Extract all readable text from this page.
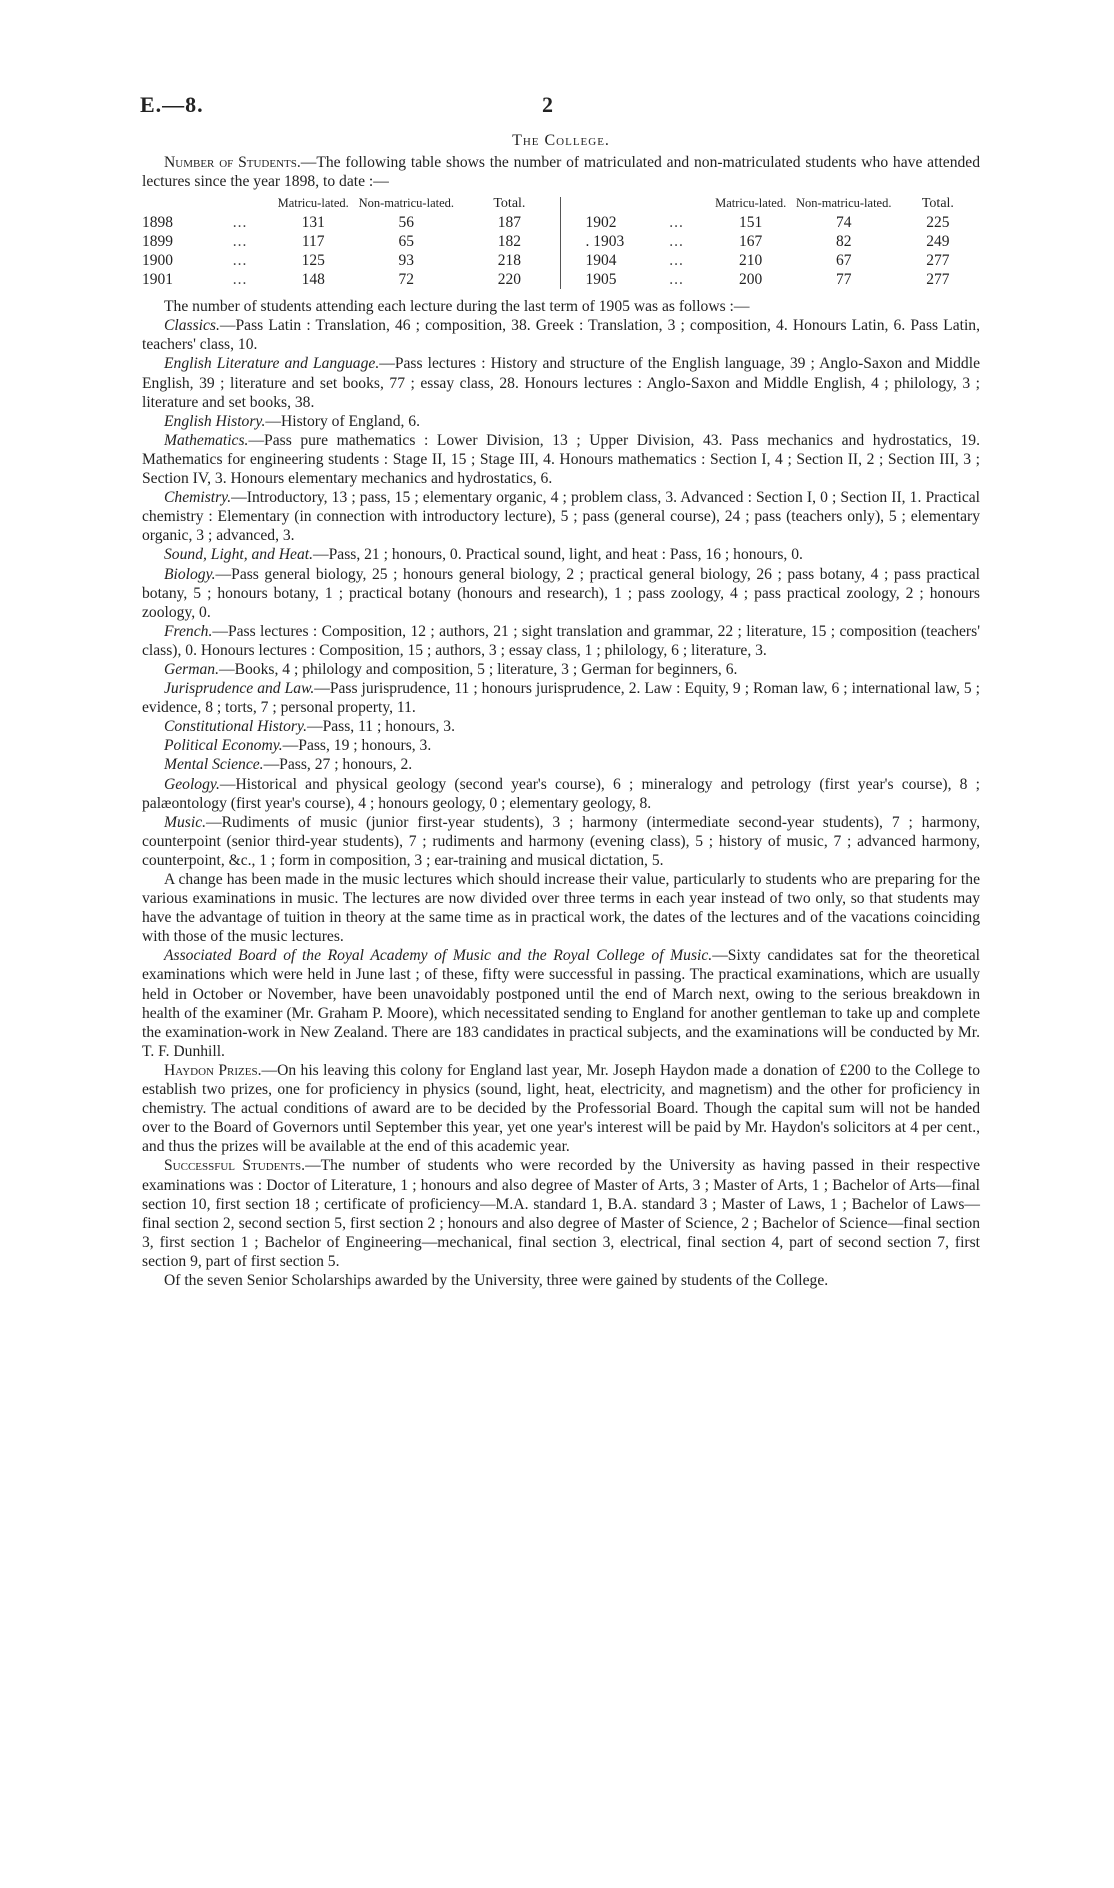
E.—8.	2
The College.

Number of Students.—The following table shows the number of matriculated and non-matriculated students who have attended lectures since the year 1898, to date :—

		Matricu-lated.	Non-matricu-lated.	Total.				Matricu-lated.	Non-matricu-lated.	Total.
1898	...	131	56	187		1902	...	151	74	225
1899	...	117	65	182		. 1903	...	167	82	249
1900	...	125	93	218		1904	...	210	67	277
1901	...	148	72	220		1905	...	200	77	277

The number of students attending each lecture during the last term of 1905 was as follows :—

Classics.—Pass Latin : Translation, 46 ; composition, 38. Greek : Translation, 3 ; composition, 4. Honours Latin, 6. Pass Latin, teachers' class, 10.

English Literature and Language.—Pass lectures : History and structure of the English language, 39 ; Anglo-Saxon and Middle English, 39 ; literature and set books, 77 ; essay class, 28. Honours lectures : Anglo-Saxon and Middle English, 4 ; philology, 3 ; literature and set books, 38.

English History.—History of England, 6.

Mathematics.—Pass pure mathematics : Lower Division, 13 ; Upper Division, 43. Pass mechanics and hydrostatics, 19. Mathematics for engineering students : Stage II, 15 ; Stage III, 4. Honours mathematics : Section I, 4 ; Section II, 2 ; Section III, 3 ; Section IV, 3. Honours elementary mechanics and hydrostatics, 6.

Chemistry.—Introductory, 13 ; pass, 15 ; elementary organic, 4 ; problem class, 3. Advanced : Section I, 0 ; Section II, 1. Practical chemistry : Elementary (in connection with introductory lecture), 5 ; pass (general course), 24 ; pass (teachers only), 5 ; elementary organic, 3 ; advanced, 3.

Sound, Light, and Heat.—Pass, 21 ; honours, 0. Practical sound, light, and heat : Pass, 16 ; honours, 0.

Biology.—Pass general biology, 25 ; honours general biology, 2 ; practical general biology, 26 ; pass botany, 4 ; pass practical botany, 5 ; honours botany, 1 ; practical botany (honours and research), 1 ; pass zoology, 4 ; pass practical zoology, 2 ; honours zoology, 0.

French.—Pass lectures : Composition, 12 ; authors, 21 ; sight translation and grammar, 22 ; literature, 15 ; composition (teachers' class), 0. Honours lectures : Composition, 15 ; authors, 3 ; essay class, 1 ; philology, 6 ; literature, 3.

German.—Books, 4 ; philology and composition, 5 ; literature, 3 ; German for beginners, 6.

Jurisprudence and Law.—Pass jurisprudence, 11 ; honours jurisprudence, 2. Law : Equity, 9 ; Roman law, 6 ; international law, 5 ; evidence, 8 ; torts, 7 ; personal property, 11.

Constitutional History.—Pass, 11 ; honours, 3.

Political Economy.—Pass, 19 ; honours, 3.

Mental Science.—Pass, 27 ; honours, 2.

Geology.—Historical and physical geology (second year's course), 6 ; mineralogy and petrology (first year's course), 8 ; palæontology (first year's course), 4 ; honours geology, 0 ; elementary geology, 8.

Music.—Rudiments of music (junior first-year students), 3 ; harmony (intermediate second-year students), 7 ; harmony, counterpoint (senior third-year students), 7 ; rudiments and harmony (evening class), 5 ; history of music, 7 ; advanced harmony, counterpoint, &c., 1 ; form in composition, 3 ; ear-training and musical dictation, 5.

A change has been made in the music lectures which should increase their value, particularly to students who are preparing for the various examinations in music. The lectures are now divided over three terms in each year instead of two only, so that students may have the advantage of tuition in theory at the same time as in practical work, the dates of the lectures and of the vacations coinciding with those of the music lectures.

Associated Board of the Royal Academy of Music and the Royal College of Music.—Sixty candidates sat for the theoretical examinations which were held in June last ; of these, fifty were successful in passing. The practical examinations, which are usually held in October or November, have been unavoidably postponed until the end of March next, owing to the serious breakdown in health of the examiner (Mr. Graham P. Moore), which necessitated sending to England for another gentleman to take up and complete the examination-work in New Zealand. There are 183 candidates in practical subjects, and the examinations will be conducted by Mr. T. F. Dunhill.

Haydon Prizes.—On his leaving this colony for England last year, Mr. Joseph Haydon made a donation of £200 to the College to establish two prizes, one for proficiency in physics (sound, light, heat, electricity, and magnetism) and the other for proficiency in chemistry. The actual conditions of award are to be decided by the Professorial Board. Though the capital sum will not be handed over to the Board of Governors until September this year, yet one year's interest will be paid by Mr. Haydon's solicitors at 4 per cent., and thus the prizes will be available at the end of this academic year.

Successful Students.—The number of students who were recorded by the University as having passed in their respective examinations was : Doctor of Literature, 1 ; honours and also degree of Master of Arts, 3 ; Master of Arts, 1 ; Bachelor of Arts—final section 10, first section 18 ; certificate of proficiency—M.A. standard 1, B.A. standard 3 ; Master of Laws, 1 ; Bachelor of Laws—final section 2, second section 5, first section 2 ; honours and also degree of Master of Science, 2 ; Bachelor of Science—final section 3, first section 1 ; Bachelor of Engineering—mechanical, final section 3, electrical, final section 4, part of second section 7, first section 9, part of first section 5.

Of the seven Senior Scholarships awarded by the University, three were gained by students of the College.
